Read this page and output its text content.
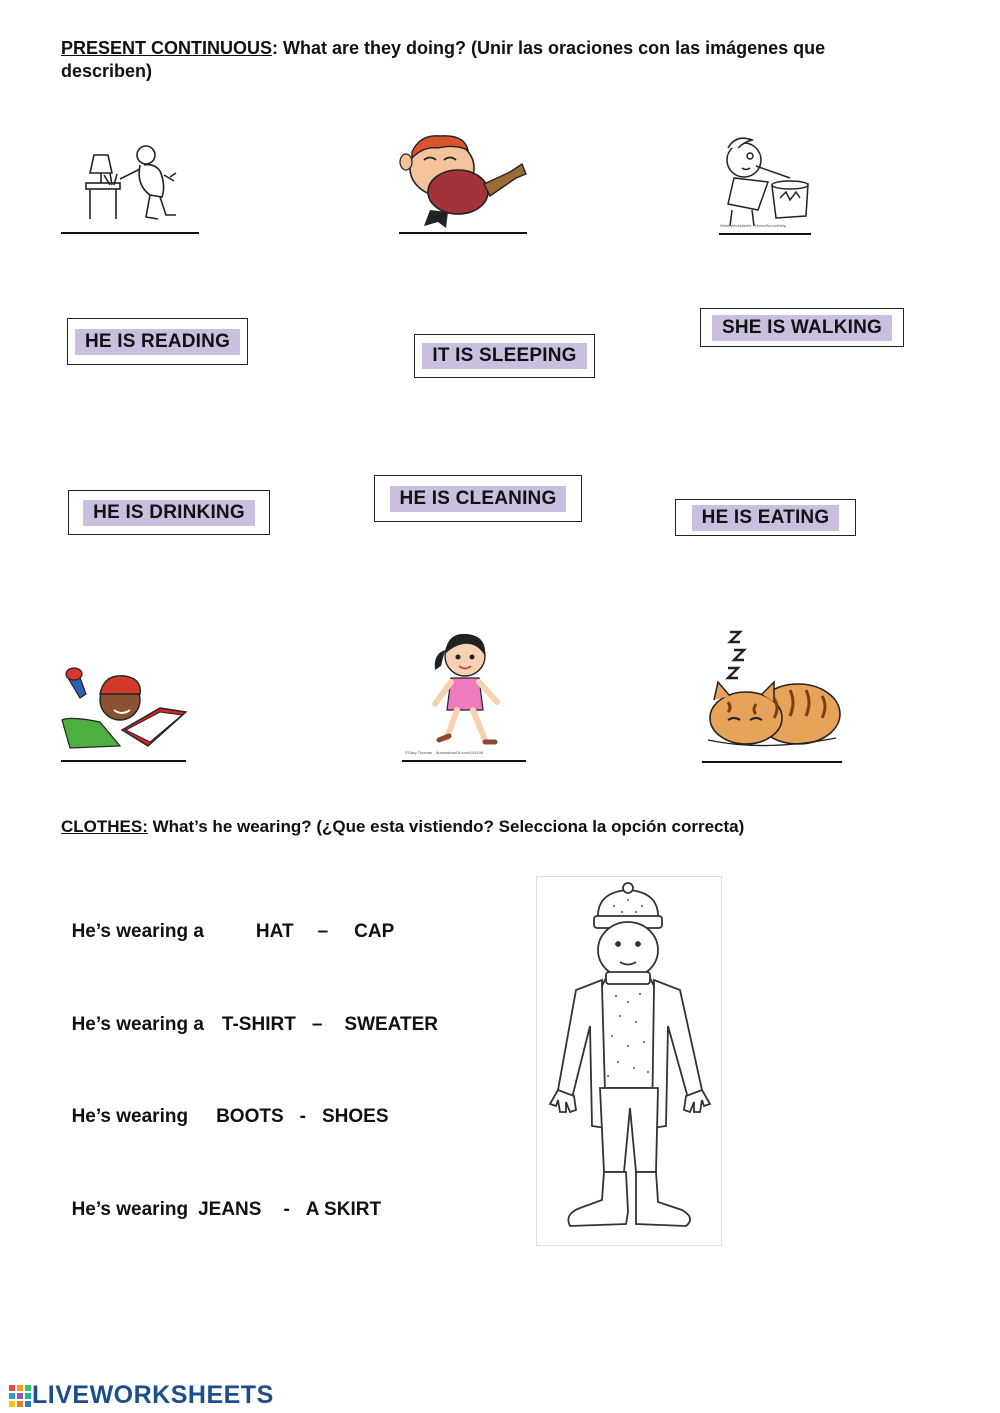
PRESENT CONTINUOUS: What are they doing? (Unir las oraciones con las imágenes que
describen)
Whet Worksheets · HomeSchoolHelp
HE IS READING
IT IS SLEEPING
SHE IS WALKING
HE IS DRINKING
HE IS CLEANING
HE IS EATING
©Gary Thomas · IllustrationsOf.com/104106
CLOTHES: What’s he wearing? (¿Que esta vistiendo? Selecciona la opción correcta)

He’s wearing a	HAT – CAP

He’s wearing a T-SHIRT – SWEATER

He’s wearing BOOTS - SHOES

He’s wearing JEANS - A SKIRT

LIVEWORKSHEETS
